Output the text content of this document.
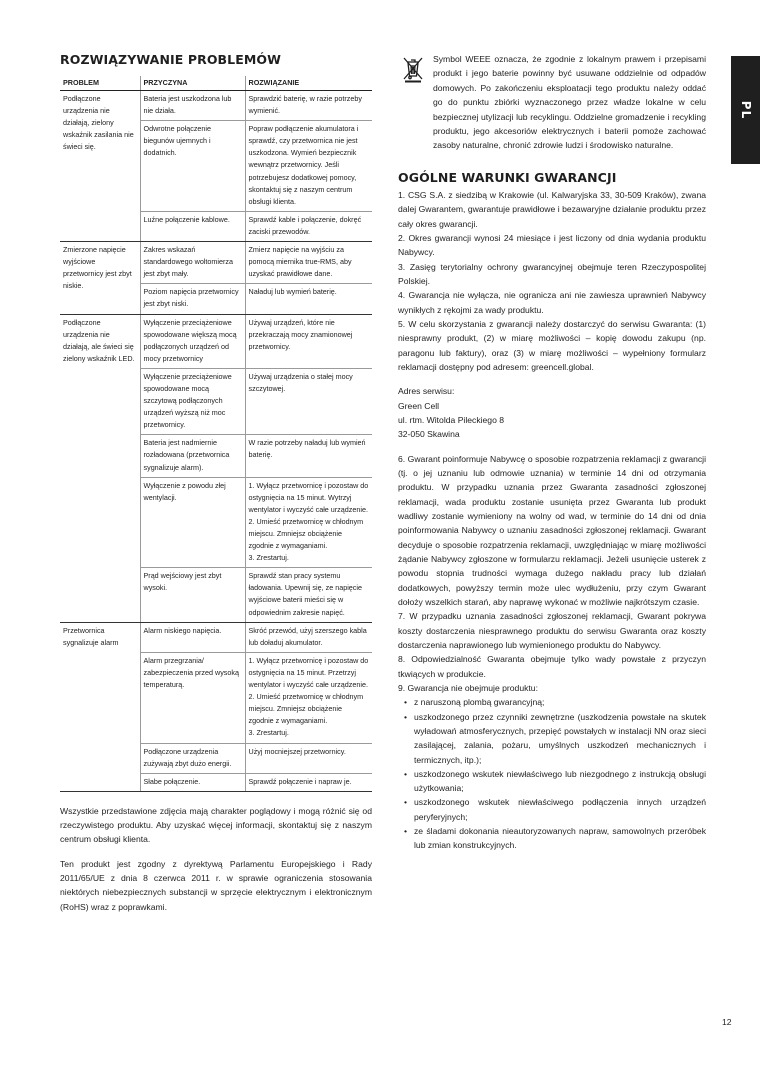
ROZWIĄZYWANIE PROBLEMÓW
PROBLEM	PRZYCZYNA	ROZWIĄZANIE
Podłączone urządzenia nie działają, zielony wskaźnik zasilania nie świeci się.	Bateria jest uszkodzona lub nie działa.	Sprawdzić baterię, w razie potrzeby wymienić.
	Odwrotne połączenie biegunów ujemnych i dodatnich.	Popraw podłączenie akumulatora i sprawdź, czy przetwornica nie jest uszkodzona. Wymień bezpiecznik wewnątrz przetwornicy. Jeśli potrzebujesz dodatkowej pomocy, skontaktuj się z naszym centrum obsługi klienta.
	Luźne połączenie kablowe.	Sprawdź kable i połączenie, dokręć zaciski przewodów.
Zmierzone napięcie wyjściowe przetwornicy jest zbyt niskie.	Zakres wskazań standardowego woltomierza jest zbyt mały.	Zmierz napięcie na wyjściu za pomocą miernika true-RMS, aby uzyskać prawidłowe dane.
	Poziom napięcia przetwornicy jest zbyt niski.	Naładuj lub wymień baterię.
Podłączone urządzenia nie działają, ale świeci się zielony wskaźnik LED.	Wyłączenie przeciążeniowe spowodowane większą mocą podłączonych urządzeń od mocy przetwornicy	Używaj urządzeń, które nie przekraczają mocy znamionowej przetwornicy.
	Wyłączenie przeciążeniowe spowodowane mocą szczytową podłączonych urządzeń wyższą niż moc przetwornicy.	Używaj urządzenia o stałej mocy szczytowej.
	Bateria jest nadmiernie rozładowana (przetwornica sygnalizuje alarm).	W razie potrzeby naładuj lub wymień baterię.
	Wyłączenie z powodu złej wentylacji.	1. Wyłącz przetwornicę i pozostaw do ostygnięcia na 15 minut. Wytrzyj wentylator i wyczyść całe urządzenie.
2. Umieść przetwornicę w chłodnym miejscu. Zmniejsz obciążenie zgodnie z wymaganiami.
3. Zrestartuj.
	Prąd wejściowy jest zbyt wysoki.	Sprawdź stan pracy systemu ładowania. Upewnij się, ze napięcie wyjściowe baterii mieści się w odpowiednim zakresie napięć.
Przetwornica sygnalizuje alarm	Alarm niskiego napięcia.	Skróć przewód, użyj szerszego kabla lub doładuj akumulator.
	Alarm przegrzania/ zabezpieczenia przed wysoką temperaturą.	1. Wyłącz przetwornicę i pozostaw do ostygnięcia na 15 minut. Przetrzyj wentylator i wyczyść całe urządzenie.
2. Umieść przetwornicę w chłodnym miejscu. Zmniejsz obciążenie zgodnie z wymaganiami.
3. Zrestartuj.
	Podłączone urządzenia zużywają zbyt dużo energii.	Użyj mocniejszej przetwornicy.
	Słabe połączenie.	Sprawdź połączenie i napraw je.

Wszystkie przedstawione zdjęcia mają charakter poglądowy i mogą różnić się od rzeczywistego produktu. Aby uzyskać więcej informacji, skontaktuj się z naszym centrum obsługi klienta.

Ten produkt jest zgodny z dyrektywą Parlamentu Europejskiego i Rady 2011/65/UE z dnia 8 czerwca 2011 r. w sprawie ograniczenia stosowania niektórych niebezpiecznych substancji w sprzęcie elektrycznym i elektronicznym (RoHS) wraz z poprawkami.

Symbol WEEE oznacza, że zgodnie z lokalnym prawem i przepisami produkt i jego baterie powinny być usuwane oddzielnie od odpadów domowych. Po zakończeniu eksploatacji tego produktu należy oddać go do punktu zbiórki wyznaczonego przez władze lokalne w celu bezpiecznej utylizacji lub recyklingu. Oddzielne gromadzenie i recykling produktu, jego akcesoriów elektrycznych i baterii pomoże zachować zasoby naturalne, chronić zdrowie ludzi i środowisko naturalne.

OGÓLNE WARUNKI GWARANCJI

1. CSG S.A. z siedzibą w Krakowie (ul. Kalwaryjska 33, 30-509 Kraków), zwana dalej Gwarantem, gwarantuje prawidłowe i bezawaryjne działanie produktu przez cały okres gwarancji.

2. Okres gwarancji wynosi 24 miesiące i jest liczony od dnia wydania produktu Nabywcy.

3. Zasięg terytorialny ochrony gwarancyjnej obejmuje teren Rzeczypospolitej Polskiej.

4. Gwarancja nie wyłącza, nie ogranicza ani nie zawiesza uprawnień Nabywcy wynikłych z rękojmi za wady produktu.

5. W celu skorzystania z gwarancji należy dostarczyć do serwisu Gwaranta: (1) niesprawny produkt, (2) w miarę możliwości – kopię dowodu zakupu (np. paragonu lub faktury), oraz (3) w miarę możliwości – wypełniony formularz reklamacji dostępny pod adresem: greencell.global.

Adres serwisu:
Green Cell
ul. rtm. Witolda Pileckiego 8
32-050 Skawina

6. Gwarant poinformuje Nabywcę o sposobie rozpatrzenia reklamacji z gwarancji (tj. o jej uznaniu lub odmowie uznania) w terminie 14 dni od otrzymania produktu. W przypadku uznania przez Gwaranta zasadności zgłoszonej reklamacji, wada produktu zostanie usunięta przez Gwaranta lub produkt wadliwy zostanie wymieniony na wolny od wad, w terminie do 14 dni od dnia poinformowania Nabywcy o uznaniu zasadności zgłoszonej reklamacji. Gwarant decyduje o sposobie rozpatrzenia reklamacji, uwzględniając w miarę możliwości żądanie Nabywcy zgłoszone w formularzu reklamacji. Jeżeli usunięcie usterek z powodu stopnia trudności wymaga dużego nakładu pracy lub działań dodatkowych, powyższy termin może ulec wydłużeniu, przy czym Gwarant dołoży wszelkich starań, aby naprawę wykonać w możliwie najkrótszym czasie.

7. W przypadku uznania zasadności zgłoszonej reklamacji, Gwarant pokrywa koszty dostarczenia niesprawnego produktu do serwisu Gwaranta oraz koszty dostarczenia naprawionego lub wymienionego produktu do Nabywcy.

8. Odpowiedzialność Gwaranta obejmuje tylko wady powstałe z przyczyn tkwiących w produkcie.

9. Gwarancja nie obejmuje produktu:

• z naruszoną plombą gwarancyjną;
• uszkodzonego przez czynniki zewnętrzne (uszkodzenia powstałe na skutek wyładowań atmosferycznych, przepięć powstałych w instalacji NN oraz sieci zasilającej, zalania, pożaru, umyślnych uszkodzeń mechanicznych i termicznych, itp.);
• uszkodzonego wskutek niewłaściwego lub niezgodnego z instrukcją obsługi użytkowania;
• uszkodzonego wskutek niewłaściwego podłączenia innych urządzeń peryferyjnych;
• ze śladami dokonania nieautoryzowanych napraw, samowolnych przeróbek lub zmian konstrukcyjnych.
PL
12
